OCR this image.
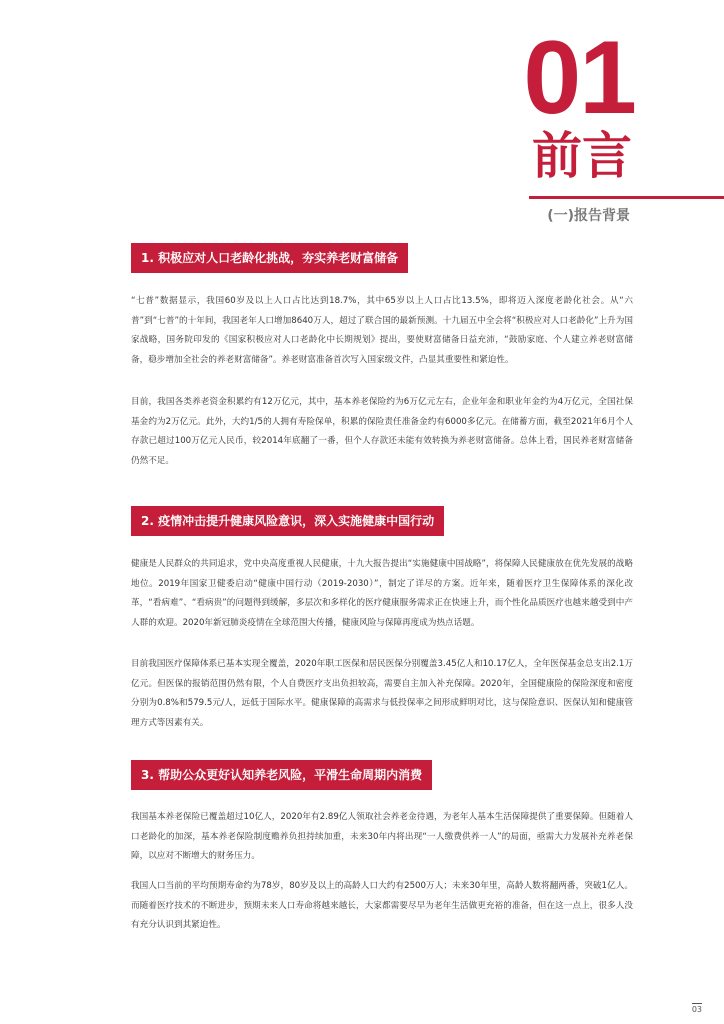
01
前言
(一)报告背景
1. 积极应对人口老龄化挑战，夯实养老财富储备

“七普”数据显示，我国60岁及以上人口占比达到18.7%，其中65岁以上人口占比13.5%，即将迈入深度老龄化社会。从“六普”到“七普”的十年间，我国老年人口增加8640万人，超过了联合国的最新预测。十九届五中全会将“积极应对人口老龄化”上升为国家战略，国务院印发的《国家积极应对人口老龄化中长期规划》提出，要使财富储备日益充沛，“鼓励家庭、个人建立养老财富储备，稳步增加全社会的养老财富储备”。养老财富准备首次写入国家级文件，凸显其重要性和紧迫性。

目前，我国各类养老资金积累约有12万亿元，其中，基本养老保险约为6万亿元左右，企业年金和职业年金约为4万亿元，全国社保基金约为2万亿元。此外，大约1/5的人拥有寿险保单，积累的保险责任准备金约有6000多亿元。在储蓄方面，截至2021年6月个人存款已超过100万亿元人民币，较2014年底翻了一番，但个人存款还未能有效转换为养老财富储备。总体上看，国民养老财富储备仍然不足。

2. 疫情冲击提升健康风险意识，深入实施健康中国行动

健康是人民群众的共同追求，党中央高度重视人民健康，十九大报告提出“实施健康中国战略”，将保障人民健康放在优先发展的战略地位。2019年国家卫健委启动“健康中国行动（2019-2030）”，制定了详尽的方案。近年来，随着医疗卫生保障体系的深化改革，“看病难”、“看病贵”的问题得到缓解，多层次和多样化的医疗健康服务需求正在快速上升，而个性化品质医疗也越来越受到中产人群的欢迎。2020年新冠肺炎疫情在全球范围大传播，健康风险与保障再度成为热点话题。

目前我国医疗保障体系已基本实现全覆盖，2020年职工医保和居民医保分别覆盖3.45亿人和10.17亿人，全年医保基金总支出2.1万亿元。但医保的报销范围仍然有限，个人自费医疗支出负担较高，需要自主加入补充保障。2020年，全国健康险的保险深度和密度分别为0.8%和579.5元/人，远低于国际水平。健康保障的高需求与低投保率之间形成鲜明对比，这与保险意识、医保认知和健康管理方式等因素有关。

3. 帮助公众更好认知养老风险，平滑生命周期内消费

我国基本养老保险已覆盖超过10亿人，2020年有2.89亿人领取社会养老金待遇，为老年人基本生活保障提供了重要保障。但随着人口老龄化的加深，基本养老保险制度赡养负担持续加重，未来30年内将出现“一人缴费供养一人”的局面，亟需大力发展补充养老保障，以应对不断增大的财务压力。

我国人口当前的平均预期寿命约为78岁，80岁及以上的高龄人口大约有2500万人；未来30年里，高龄人数将翻两番，突破1亿人。而随着医疗技术的不断进步，预期未来人口寿命将越来越长，大家都需要尽早为老年生活做更充裕的准备，但在这一点上，很多人没有充分认识到其紧迫性。

03
